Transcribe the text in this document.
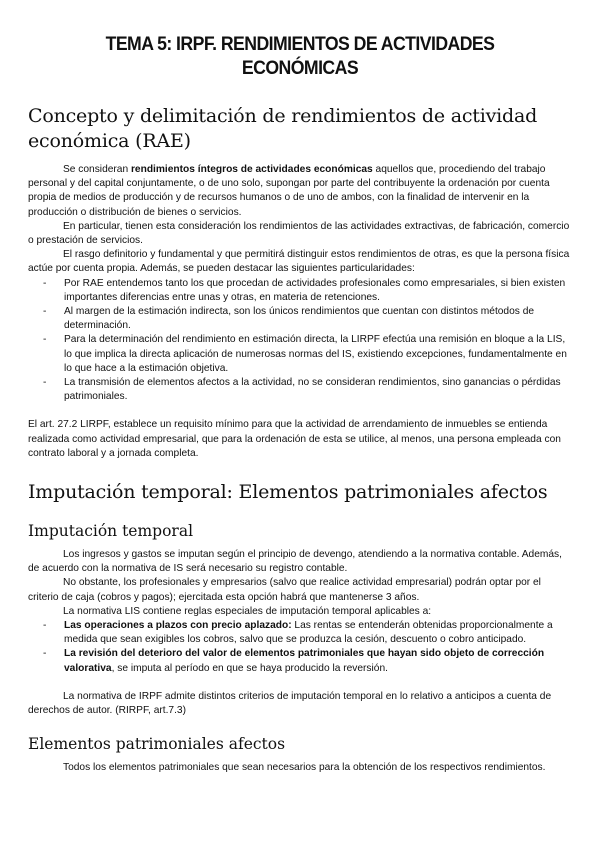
TEMA 5: IRPF. RENDIMIENTOS DE ACTIVIDADES ECONÓMICAS
Concepto y delimitación de rendimientos de actividad económica (RAE)

Se consideran rendimientos íntegros de actividades económicas aquellos que, procediendo del trabajo personal y del capital conjuntamente, o de uno solo, supongan por parte del contribuyente la ordenación por cuenta propia de medios de producción y de recursos humanos o de uno de ambos, con la finalidad de intervenir en la producción o distribución de bienes o servicios.

En particular, tienen esta consideración los rendimientos de las actividades extractivas, de fabricación, comercio o prestación de servicios.

El rasgo definitorio y fundamental y que permitirá distinguir estos rendimientos de otras, es que la persona física actúe por cuenta propia. Además, se pueden destacar las siguientes particularidades:

- Por RAE entendemos tanto los que procedan de actividades profesionales como empresariales, si bien existen importantes diferencias entre unas y otras, en materia de retenciones.
- Al margen de la estimación indirecta, son los únicos rendimientos que cuentan con distintos métodos de determinación.
- Para la determinación del rendimiento en estimación directa, la LIRPF efectúa una remisión en bloque a la LIS, lo que implica la directa aplicación de numerosas normas del IS, existiendo excepciones, fundamentalmente en lo que hace a la estimación objetiva.
- La transmisión de elementos afectos a la actividad, no se consideran rendimientos, sino ganancias o pérdidas patrimoniales.

El art. 27.2 LIRPF, establece un requisito mínimo para que la actividad de arrendamiento de inmuebles se entienda realizada como actividad empresarial, que para la ordenación de esta se utilice, al menos, una persona empleada con contrato laboral y a jornada completa.

Imputación temporal: Elementos patrimoniales afectos
Imputación temporal

Los ingresos y gastos se imputan según el principio de devengo, atendiendo a la normativa contable. Además, de acuerdo con la normativa de IS será necesario su registro contable.

No obstante, los profesionales y empresarios (salvo que realice actividad empresarial) podrán optar por el criterio de caja (cobros y pagos); ejercitada esta opción habrá que mantenerse 3 años.

La normativa LIS contiene reglas especiales de imputación temporal aplicables a:

- Las operaciones a plazos con precio aplazado: Las rentas se entenderán obtenidas proporcionalmente a medida que sean exigibles los cobros, salvo que se produzca la cesión, descuento o cobro anticipado.
- La revisión del deterioro del valor de elementos patrimoniales que hayan sido objeto de corrección valorativa, se imputa al período en que se haya producido la reversión.

La normativa de IRPF admite distintos criterios de imputación temporal en lo relativo a anticipos a cuenta de derechos de autor. (RIRPF, art.7.3)

Elementos patrimoniales afectos

Todos los elementos patrimoniales que sean necesarios para la obtención de los respectivos rendimientos.
